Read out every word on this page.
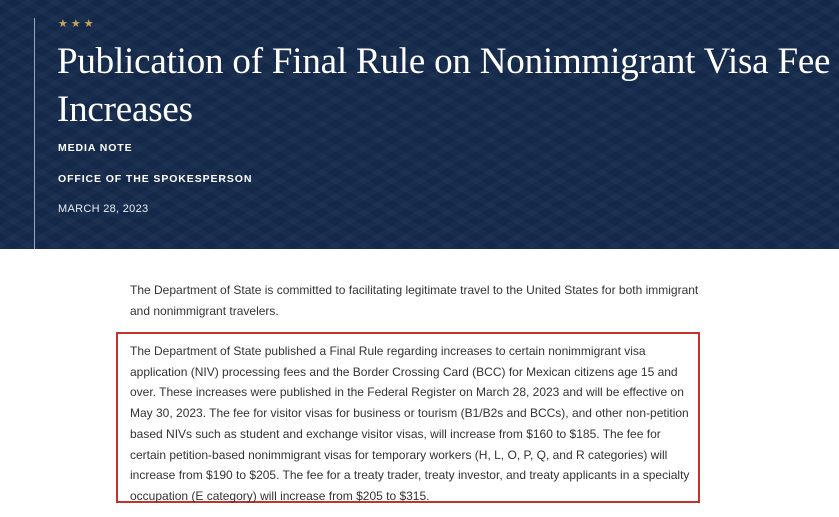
★★★
Publication of Final Rule on Nonimmigrant Visa Fee Increases
MEDIA NOTE
OFFICE OF THE SPOKESPERSON
MARCH 28, 2023

The Department of State is committed to facilitating legitimate travel to the United States for both immigrant and nonimmigrant travelers.

The Department of State published a Final Rule regarding increases to certain nonimmigrant visa application (NIV) processing fees and the Border Crossing Card (BCC) for Mexican citizens age 15 and over. These increases were published in the Federal Register on March 28, 2023 and will be effective on May 30, 2023. The fee for visitor visas for business or tourism (B1/B2s and BCCs), and other non-petition based NIVs such as student and exchange visitor visas, will increase from $160 to $185. The fee for certain petition-based nonimmigrant visas for temporary workers (H, L, O, P, Q, and R categories) will increase from $190 to $205. The fee for a treaty trader, treaty investor, and treaty applicants in a specialty occupation (E category) will increase from $205 to $315.
